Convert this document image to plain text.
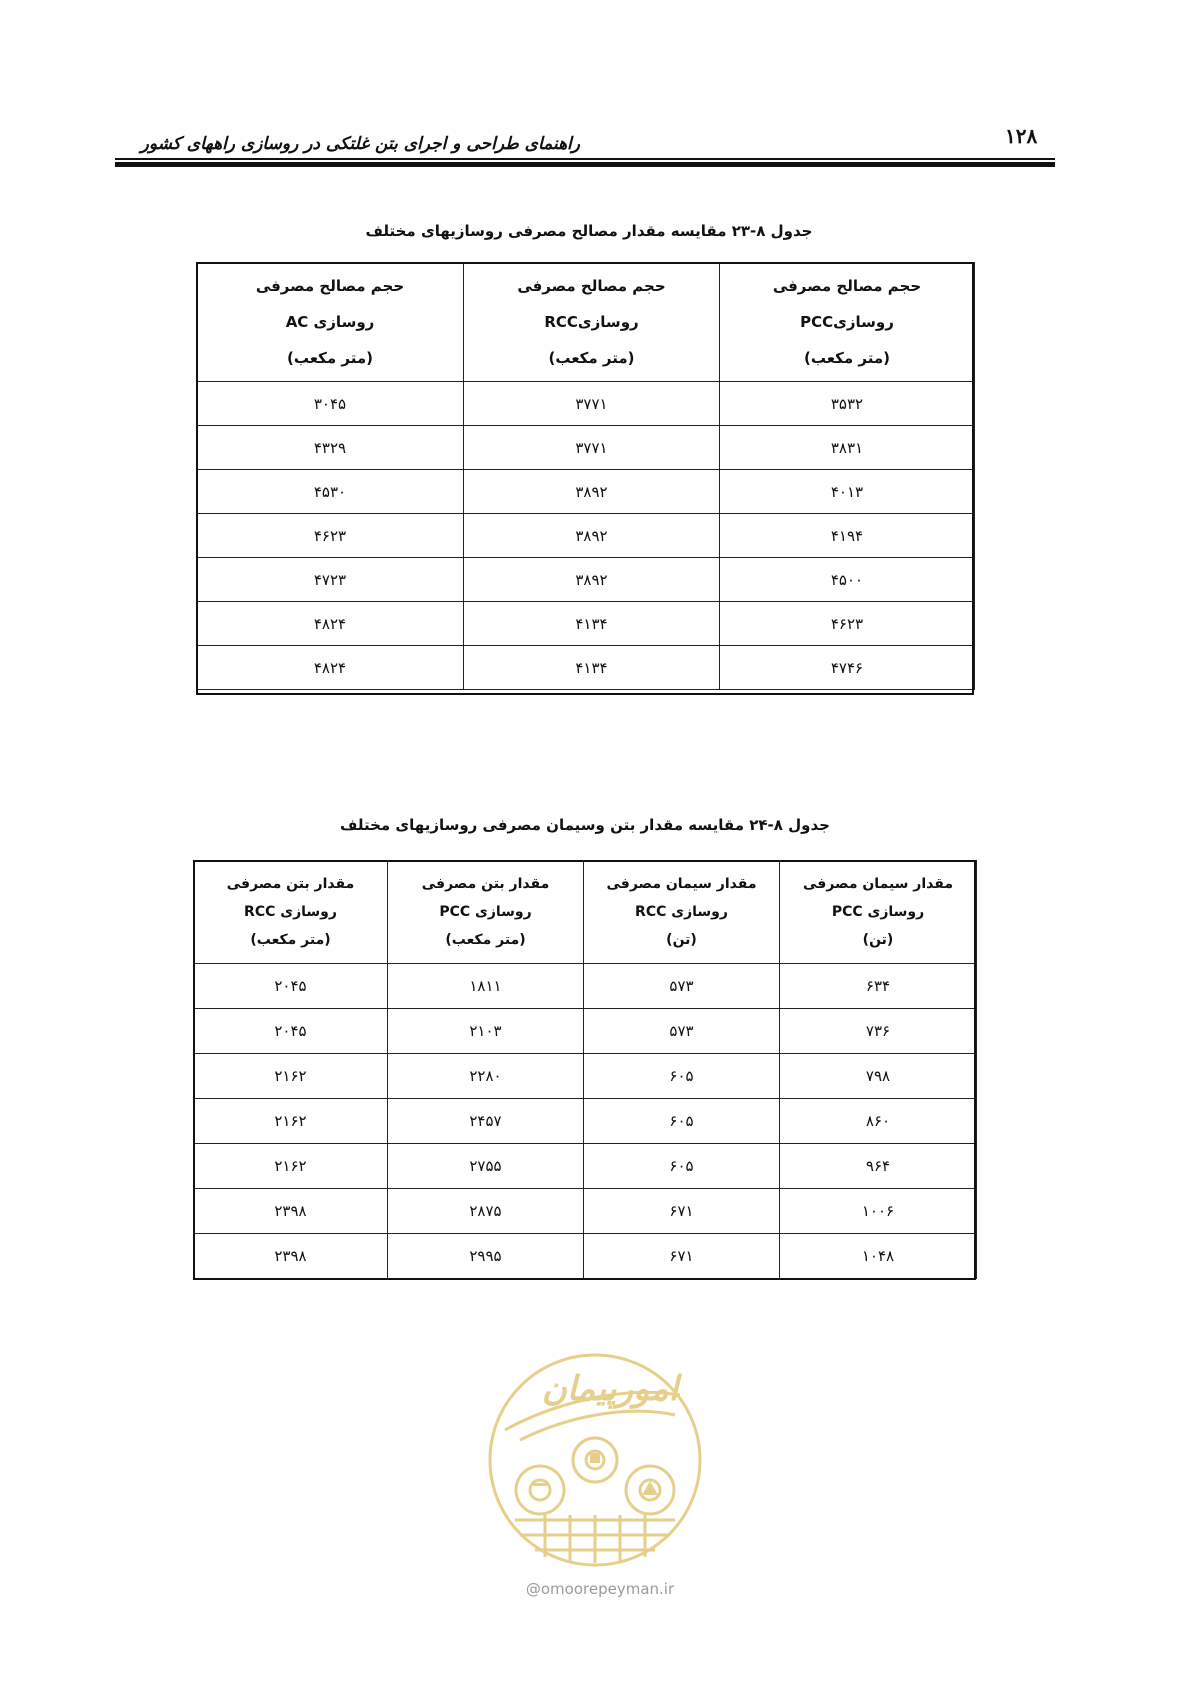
۱۲۸
راهنمای طراحی و اجرای بتن غلتکی در روسازی راههای کشور
جدول ۸-۲۳ مقایسه مقدار مصالح مصرفی روسازیهای مختلف
حجم مصالح مصرفی
روسازیPCC
(متر مکعب)	حجم مصالح مصرفی
روسازیRCC
(متر مکعب)	حجم مصالح مصرفی
روسازی AC
(متر مکعب)

۳۵۳۲	۳۷۷۱	۳۰۴۵
۳۸۳۱	۳۷۷۱	۴۳۲۹
۴۰۱۳	۳۸۹۲	۴۵۳۰
۴۱۹۴	۳۸۹۲	۴۶۲۳
۴۵۰۰	۳۸۹۲	۴۷۲۳
۴۶۲۳	۴۱۳۴	۴۸۲۴
۴۷۴۶	۴۱۳۴	۴۸۲۴
جدول ۸-۲۴ مقایسه مقدار بتن وسیمان مصرفی روسازیهای مختلف
مقدار سیمان مصرفی
روسازی PCC
(تن)	مقدار سیمان مصرفی
روسازی RCC
(تن)	مقدار بتن مصرفی
روسازی PCC
(متر مکعب)	مقدار بتن مصرفی
روسازی RCC
(متر مکعب)

۶۳۴	۵۷۳	۱۸۱۱	۲۰۴۵
۷۳۶	۵۷۳	۲۱۰۳	۲۰۴۵
۷۹۸	۶۰۵	۲۲۸۰	۲۱۶۲
۸۶۰	۶۰۵	۲۴۵۷	۲۱۶۲
۹۶۴	۶۰۵	۲۷۵۵	۲۱۶۲
۱۰۰۶	۶۷۱	۲۸۷۵	۲۳۹۸
۱۰۴۸	۶۷۱	۲۹۹۵	۲۳۹۸
امورپیمان
@omoorepeyman.ir
